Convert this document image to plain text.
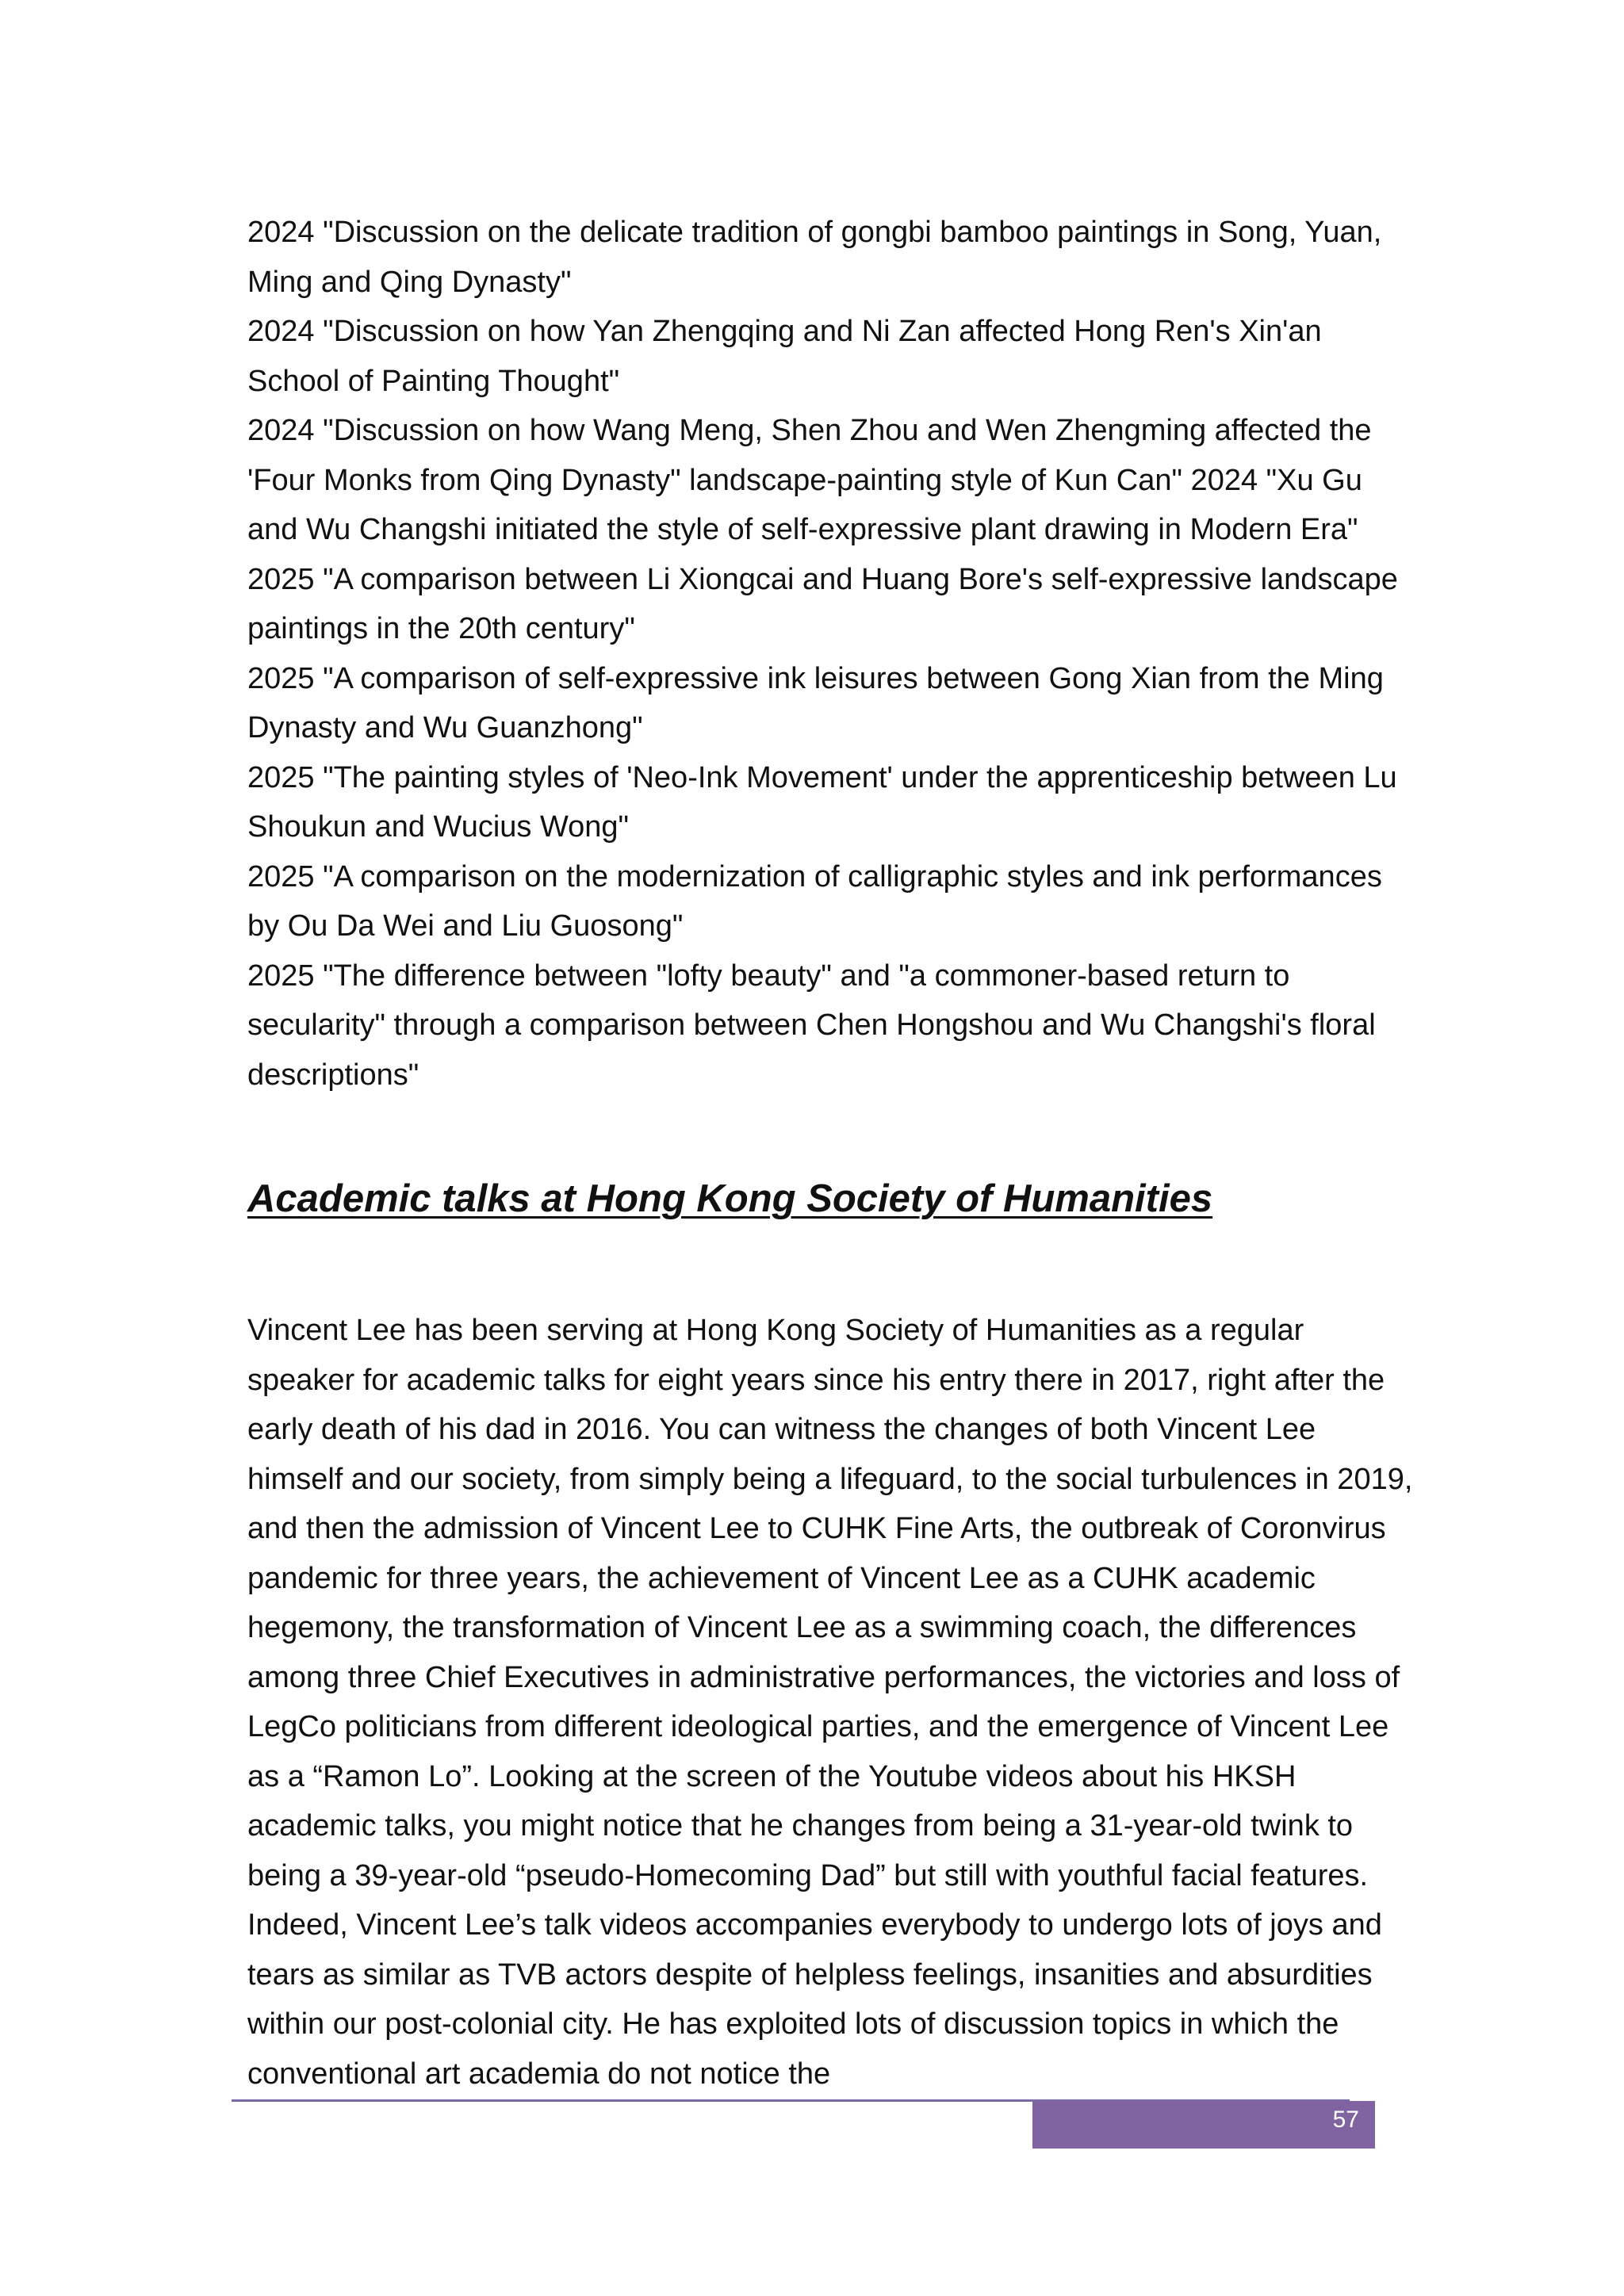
2024 "Discussion on the delicate tradition of gongbi bamboo paintings in Song, Yuan, Ming and Qing Dynasty"

2024 "Discussion on how Yan Zhengqing and Ni Zan affected Hong Ren's Xin'an School of Painting Thought"

2024 "Discussion on how Wang Meng, Shen Zhou and Wen Zhengming affected the 'Four Monks from Qing Dynasty" landscape-painting style of Kun Can" 2024 "Xu Gu and Wu Changshi initiated the style of self-expressive plant drawing in Modern Era"

2025 "A comparison between Li Xiongcai and Huang Bore's self-expressive landscape paintings in the 20th century"

2025 "A comparison of self-expressive ink leisures between Gong Xian from the Ming Dynasty and Wu Guanzhong"

2025 "The painting styles of 'Neo-Ink Movement' under the apprenticeship between Lu Shoukun and Wucius Wong"

2025 "A comparison on the modernization of calligraphic styles and ink performances by Ou Da Wei and Liu Guosong"

2025 "The difference between "lofty beauty" and "a commoner-based return to secularity" through a comparison between Chen Hongshou and Wu Changshi's floral descriptions"

Academic talks at Hong Kong Society of Humanities

Vincent Lee has been serving at Hong Kong Society of Humanities as a regular speaker for academic talks for eight years since his entry there in 2017, right after the early death of his dad in 2016. You can witness the changes of both Vincent Lee himself and our society, from simply being a lifeguard, to the social turbulences in 2019, and then the admission of Vincent Lee to CUHK Fine Arts, the outbreak of Coronvirus pandemic for three years, the achievement of Vincent Lee as a CUHK academic hegemony, the transformation of Vincent Lee as a swimming coach, the differences among three Chief Executives in administrative performances, the victories and loss of LegCo politicians from different ideological parties, and the emergence of Vincent Lee as a “Ramon Lo”. Looking at the screen of the Youtube videos about his HKSH academic talks, you might notice that he changes from being a 31-year-old twink to being a 39-year-old “pseudo-Homecoming Dad” but still with youthful facial features. Indeed, Vincent Lee’s talk videos accompanies everybody to undergo lots of joys and tears as similar as TVB actors despite of helpless feelings, insanities and absurdities within our post-colonial city. He has exploited lots of discussion topics in which the conventional art academia do not notice the

57
